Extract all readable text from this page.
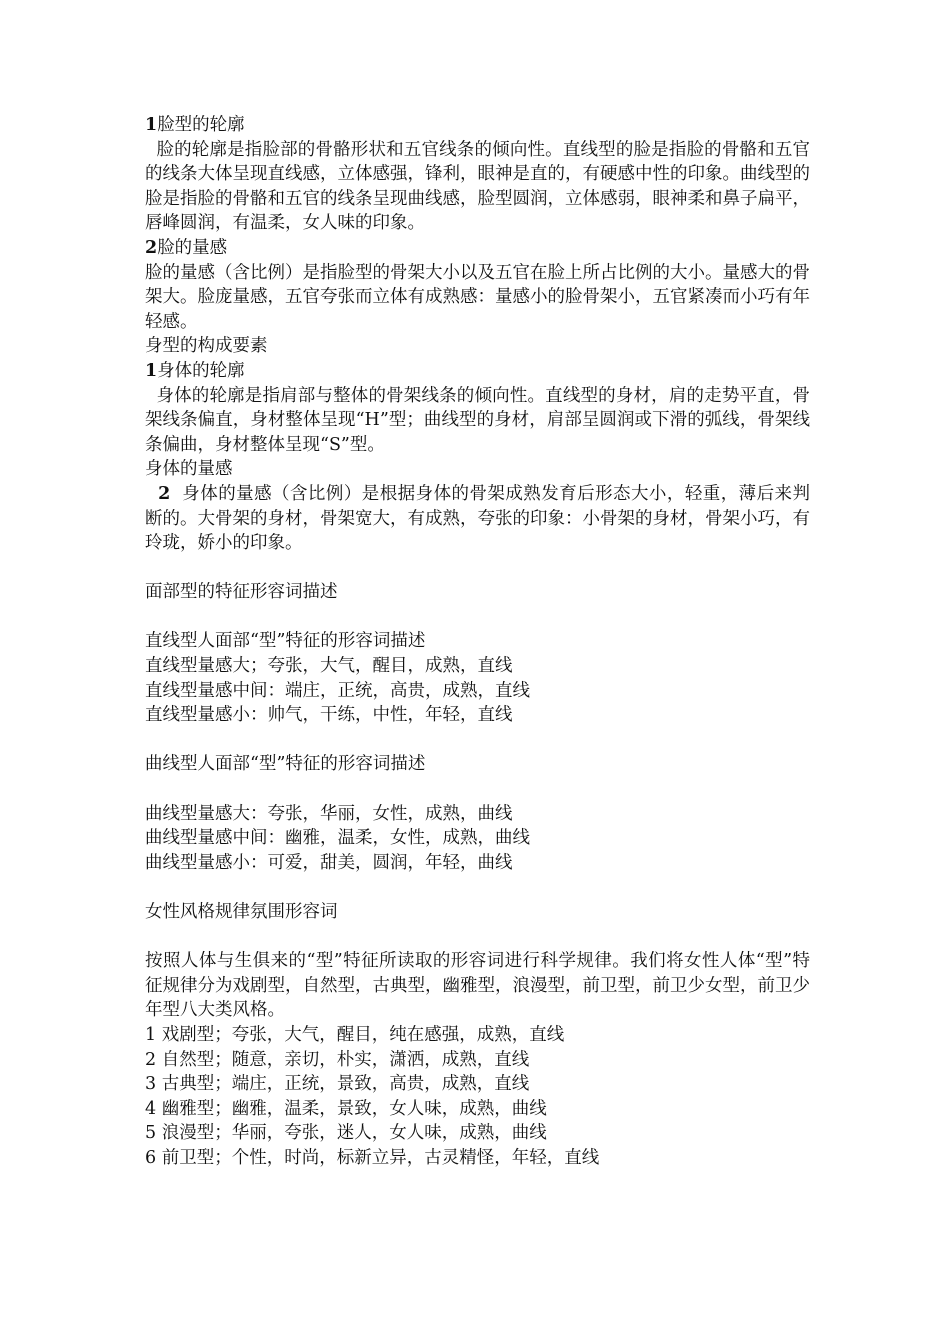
1脸型的轮廓

脸的轮廓是指脸部的骨骼形状和五官线条的倾向性。直线型的脸是指脸的骨骼和五官的线条大体呈现直线感，立体感强，锋利，眼神是直的，有硬感中性的印象。曲线型的脸是指脸的骨骼和五官的线条呈现曲线感，脸型圆润，立体感弱，眼神柔和鼻子扁平，唇峰圆润，有温柔，女人味的印象。

2脸的量感

脸的量感（含比例）是指脸型的骨架大小以及五官在脸上所占比例的大小。量感大的骨架大。脸庞量感，五官夸张而立体有成熟感：量感小的脸骨架小，五官紧凑而小巧有年轻感。

身型的构成要素

1身体的轮廓

身体的轮廓是指肩部与整体的骨架线条的倾向性。直线型的身材，肩的走势平直，骨架线条偏直，身材整体呈现“H”型；曲线型的身材，肩部呈圆润或下滑的弧线，骨架线条偏曲，身材整体呈现“S”型。

身体的量感

2  身体的量感（含比例）是根据身体的骨架成熟发育后形态大小，轻重，薄后来判断的。大骨架的身材，骨架宽大，有成熟，夸张的印象：小骨架的身材，骨架小巧，有玲珑，娇小的印象。

面部型的特征形容词描述

直线型人面部“型”特征的形容词描述

直线型量感大；夸张，大气，醒目，成熟，直线

直线型量感中间：端庄，正统，高贵，成熟，直线

直线型量感小：帅气，干练，中性，年轻，直线

曲线型人面部“型”特征的形容词描述

曲线型量感大：夸张，华丽，女性，成熟，曲线

曲线型量感中间：幽雅，温柔，女性，成熟，曲线

曲线型量感小：可爱，甜美，圆润，年轻，曲线

女性风格规律氛围形容词

按照人体与生俱来的“型”特征所读取的形容词进行科学规律。我们将女性人体“型”特征规律分为戏剧型，自然型，古典型，幽雅型，浪漫型，前卫型，前卫少女型，前卫少年型八大类风格。

1 戏剧型；夸张，大气，醒目，纯在感强，成熟，直线

2 自然型；随意，亲切，朴实，潇洒，成熟，直线

3 古典型；端庄，正统，景致，高贵，成熟，直线

4 幽雅型；幽雅，温柔，景致，女人味，成熟，曲线

5 浪漫型；华丽，夸张，迷人，女人味，成熟，曲线

6 前卫型；个性，时尚，标新立异，古灵精怪，年轻，直线
